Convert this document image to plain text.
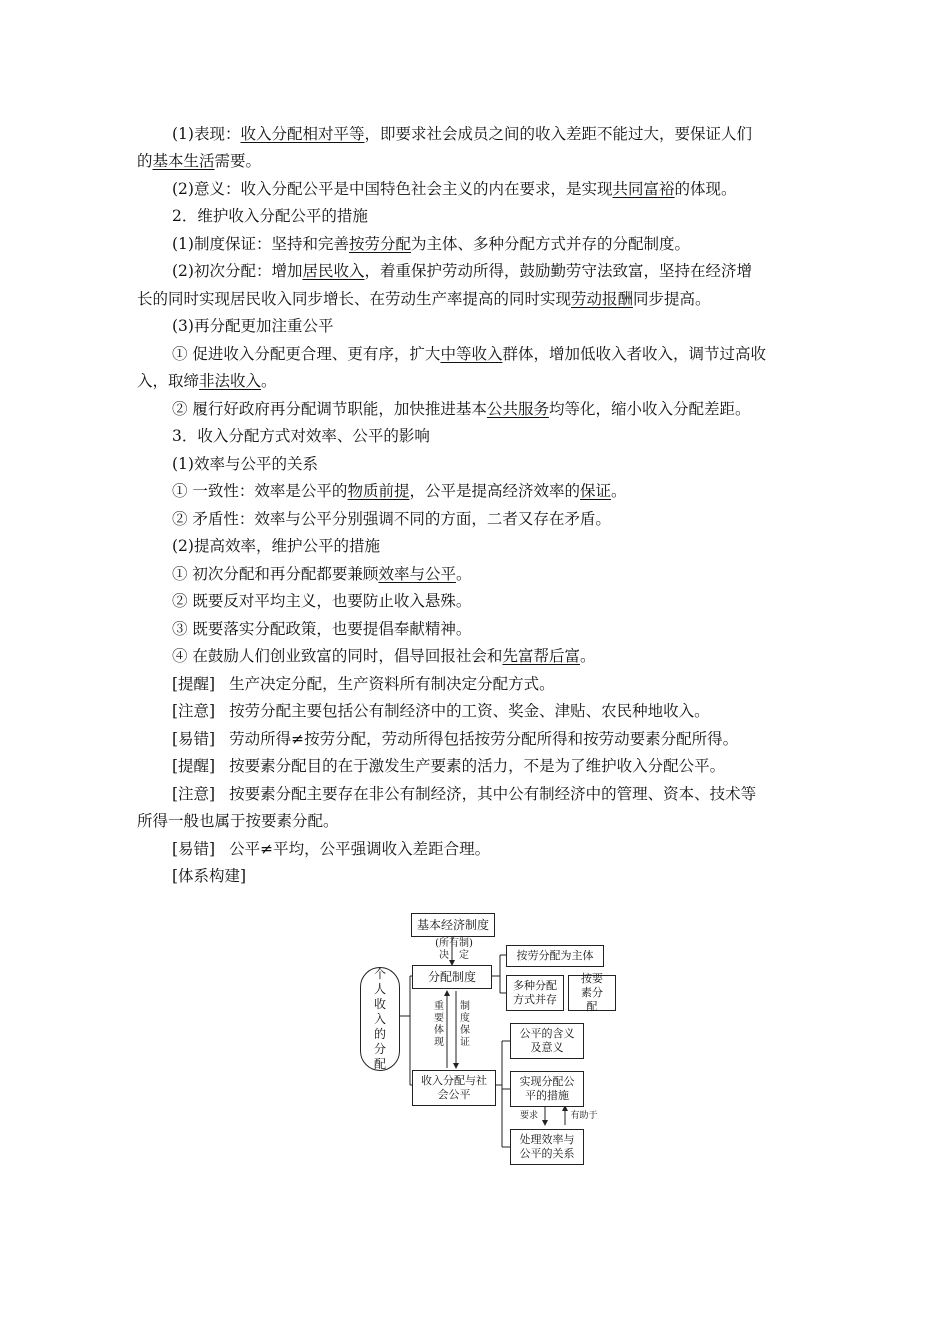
(1)表现：收入分配相对平等，即要求社会成员之间的收入差距不能过大，要保证人们
的基本生活需要。
(2)意义：收入分配公平是中国特色社会主义的内在要求，是实现共同富裕的体现。
2．维护收入分配公平的措施
(1)制度保证：坚持和完善按劳分配为主体、多种分配方式并存的分配制度。
(2)初次分配：增加居民收入，着重保护劳动所得，鼓励勤劳守法致富，坚持在经济增
长的同时实现居民收入同步增长、在劳动生产率提高的同时实现劳动报酬同步提高。
(3)再分配更加注重公平
① 促进收入分配更合理、更有序，扩大中等收入群体，增加低收入者收入，调节过高收
入，取缔非法收入。
② 履行好政府再分配调节职能，加快推进基本公共服务均等化，缩小收入分配差距。
3．收入分配方式对效率、公平的影响
(1)效率与公平的关系
① 一致性：效率是公平的物质前提，公平是提高经济效率的保证。
② 矛盾性：效率与公平分别强调不同的方面，二者又存在矛盾。
(2)提高效率，维护公平的措施
① 初次分配和再分配都要兼顾效率与公平。
② 既要反对平均主义，也要防止收入悬殊。
③ 既要落实分配政策，也要提倡奉献精神。
④ 在鼓励人们创业致富的同时，倡导回报社会和先富帮后富。
[提醒] 生产决定分配，生产资料所有制决定分配方式。
[注意] 按劳分配主要包括公有制经济中的工资、奖金、津贴、农民种地收入。
[易错] 劳动所得≠按劳分配，劳动所得包括按劳分配所得和按劳动要素分配所得。
[提醒] 按要素分配目的在于激发生产要素的活力，不是为了维护收入分配公平。
[注意] 按要素分配主要存在非公有制经济，其中公有制经济中的管理、资本、技术等
所得一般也属于按要素分配。
[易错] 公平≠平均，公平强调收入差距合理。
[体系构建]
基本经济制度
(所有制)
决　定
个人收入的分配
分配制度
收入分配与社会公平
重要体现
制度保证
按劳分配为主体
多种分配方式并存
按要素分配
公平的含义及意义
实现分配公平的措施
要求	有助于
处理效率与公平的关系
